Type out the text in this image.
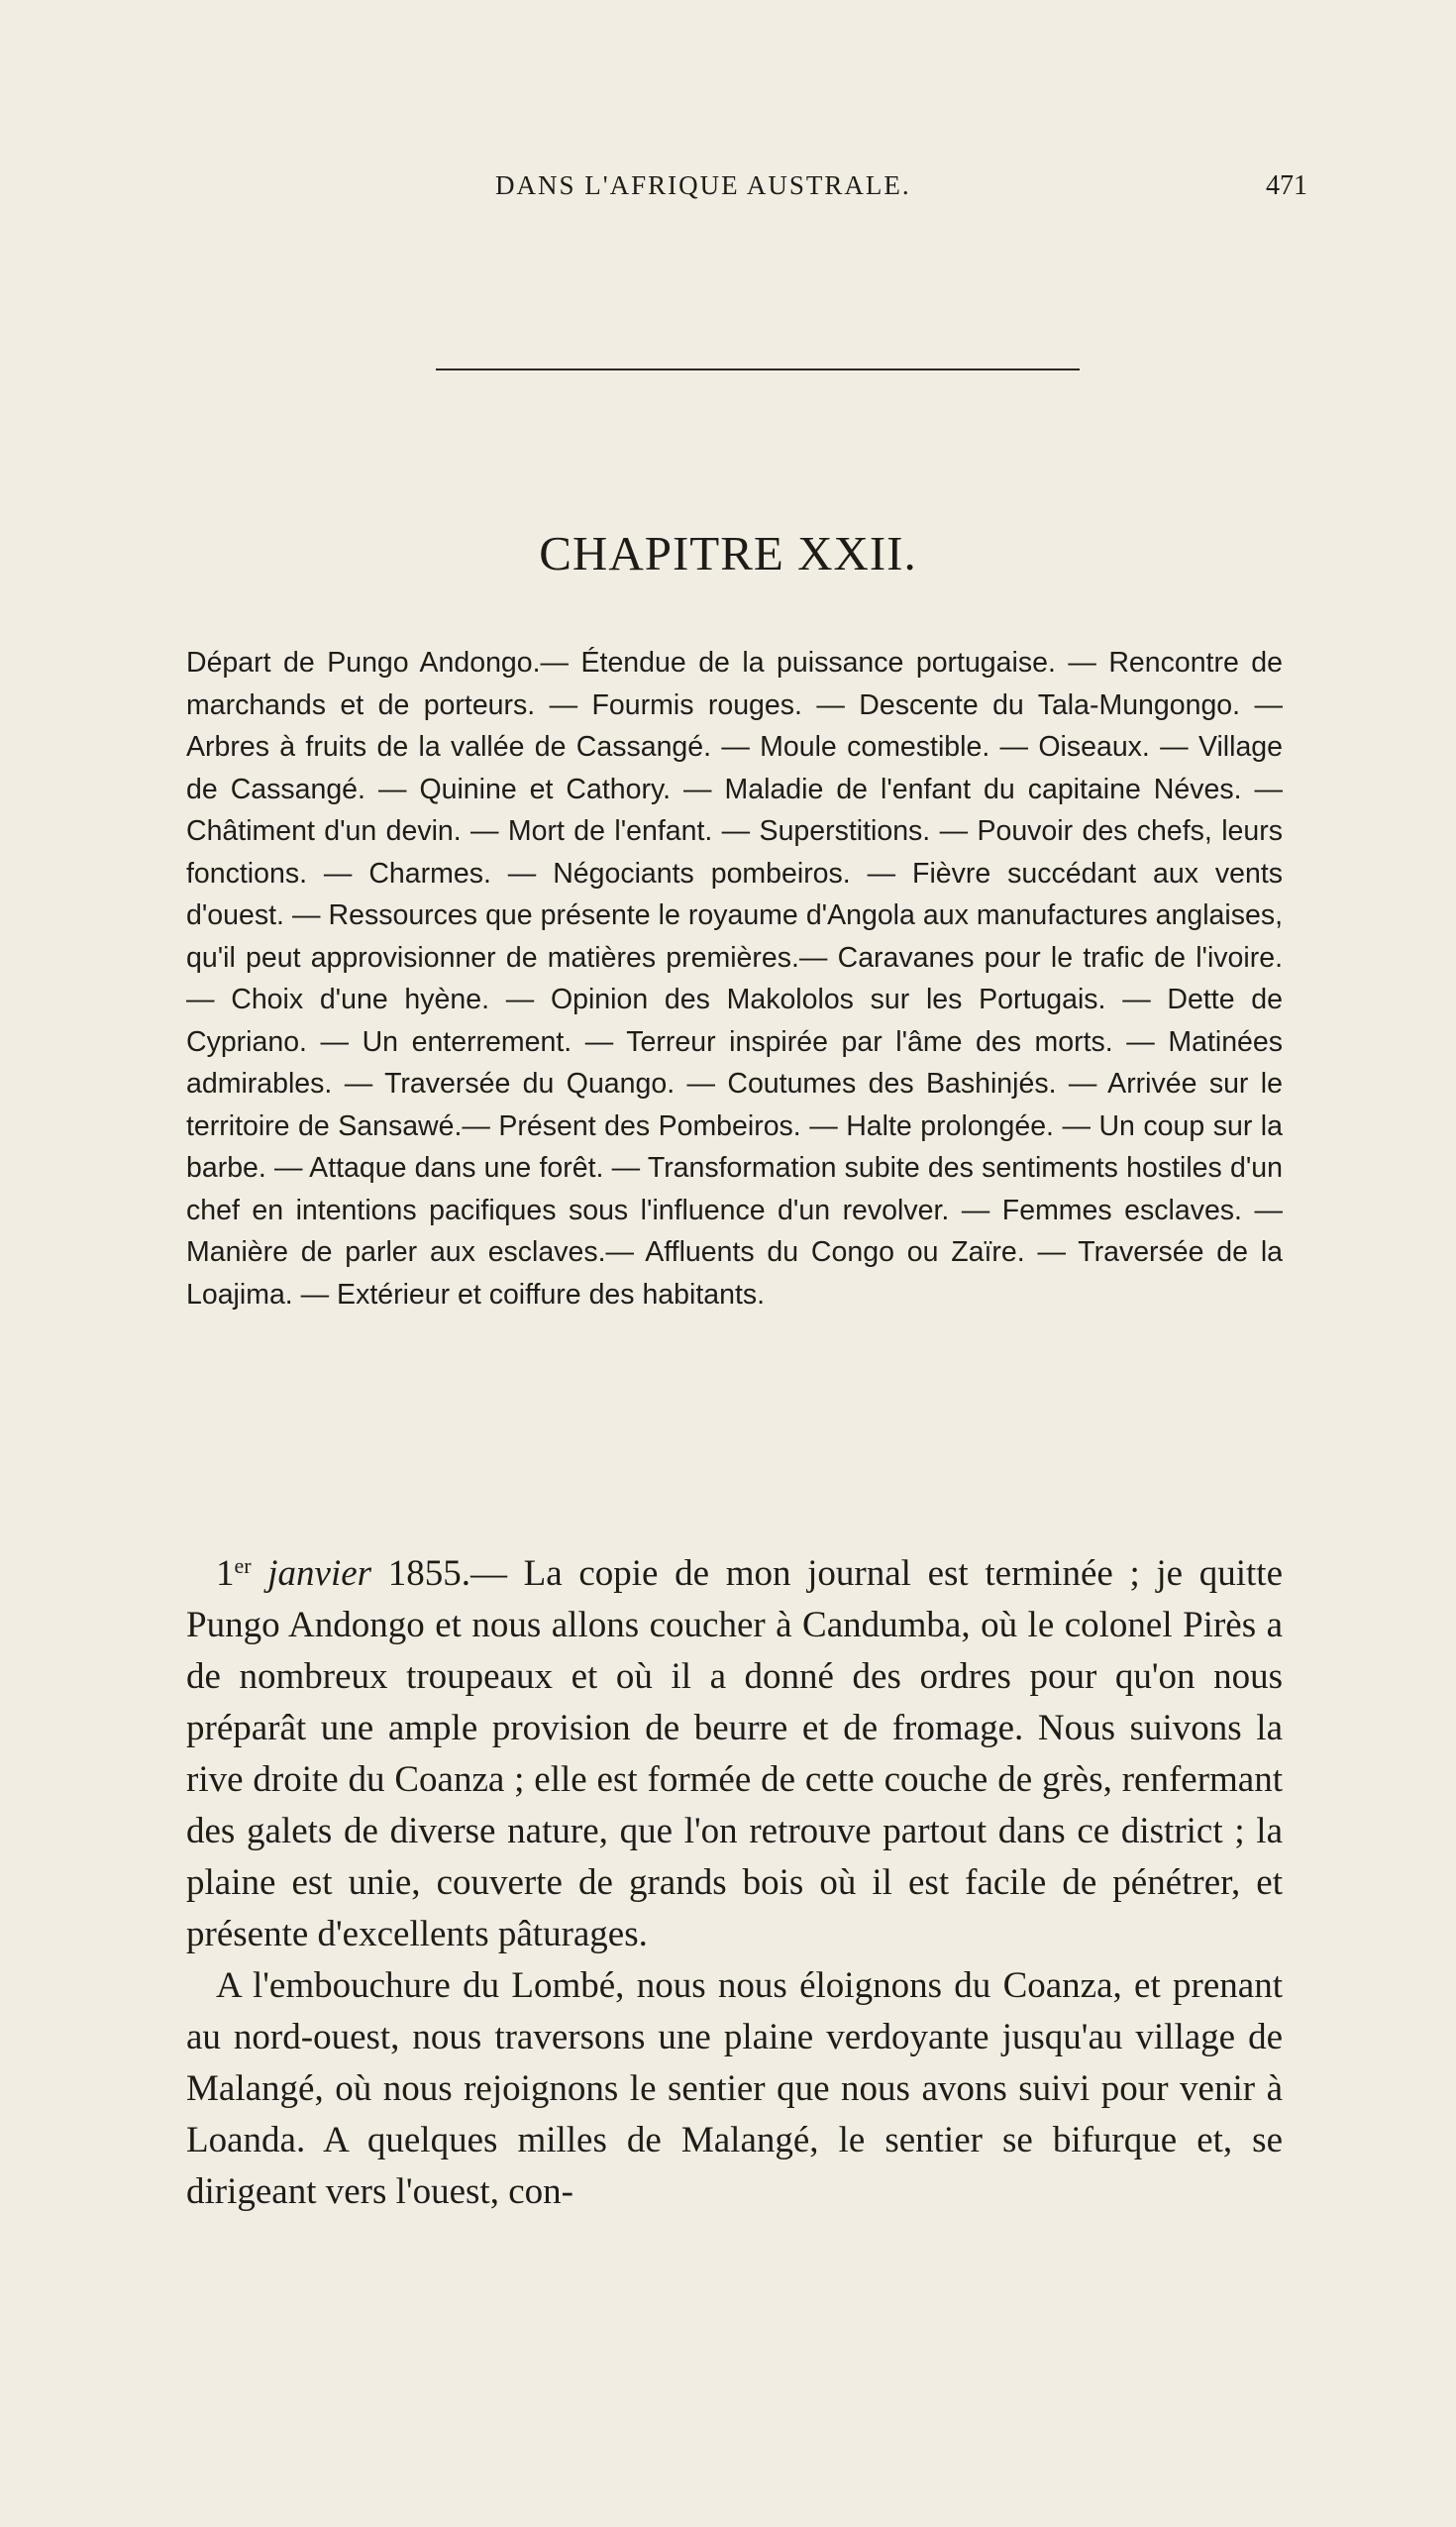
DANS L'AFRIQUE AUSTRALE.	471
CHAPITRE XXII.
Départ de Pungo Andongo.— Étendue de la puissance portugaise. — Rencontre de marchands et de porteurs. — Fourmis rouges. — Descente du Tala-Mungongo. — Arbres à fruits de la vallée de Cassangé. — Moule comestible. — Oiseaux. — Village de Cassangé. — Quinine et Cathory. — Maladie de l'enfant du capitaine Néves. — Châtiment d'un devin. — Mort de l'enfant. — Superstitions. — Pouvoir des chefs, leurs fonctions. — Charmes. — Négociants pombeiros. — Fièvre succédant aux vents d'ouest. — Ressources que présente le royaume d'Angola aux manufactures anglaises, qu'il peut approvisionner de matières premières.— Caravanes pour le trafic de l'ivoire. — Choix d'une hyène. — Opinion des Makololos sur les Portugais. — Dette de Cypriano. — Un enterrement. — Terreur inspirée par l'âme des morts. — Matinées admirables. — Traversée du Quango. — Coutumes des Bashinjés. — Arrivée sur le territoire de Sansawé.— Présent des Pombeiros. — Halte prolongée. — Un coup sur la barbe. — Attaque dans une forêt. — Transformation subite des sentiments hostiles d'un chef en intentions pacifiques sous l'influence d'un revolver. — Femmes esclaves. — Manière de parler aux esclaves.— Affluents du Congo ou Zaïre. — Traversée de la Loajima. — Extérieur et coiffure des habitants.

1er janvier 1855.— La copie de mon journal est terminée ; je quitte Pungo Andongo et nous allons coucher à Candumba, où le colonel Pirès a de nombreux troupeaux et où il a donné des ordres pour qu'on nous préparât une ample provision de beurre et de fromage. Nous suivons la rive droite du Coanza ; elle est formée de cette couche de grès, renfermant des galets de diverse nature, que l'on retrouve partout dans ce district ; la plaine est unie, couverte de grands bois où il est facile de pénétrer, et présente d'excellents pâturages.

A l'embouchure du Lombé, nous nous éloignons du Coanza, et prenant au nord-ouest, nous traversons une plaine verdoyante jusqu'au village de Malangé, où nous rejoignons le sentier que nous avons suivi pour venir à Loanda. A quelques milles de Malangé, le sentier se bifurque et, se dirigeant vers l'ouest, con-
